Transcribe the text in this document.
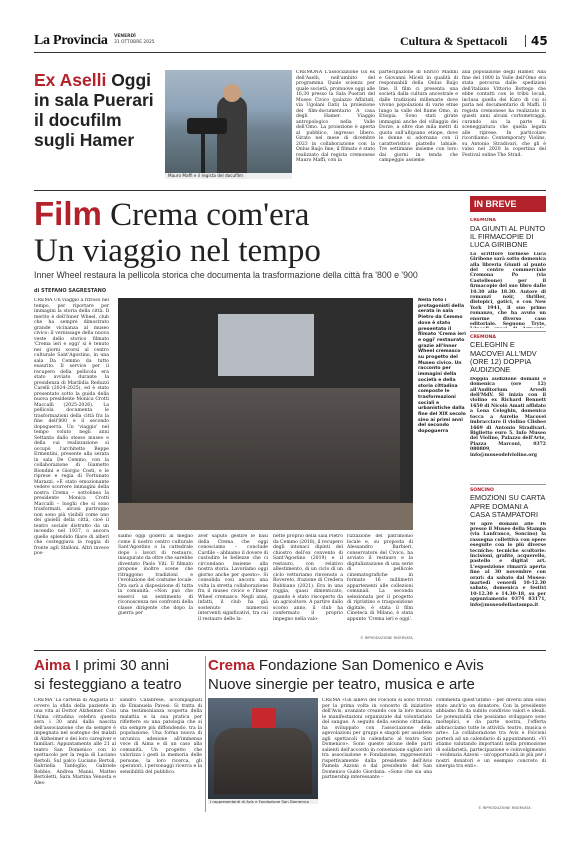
La Provincia VENERDÌ
31 OTTOBRE 2025	Cultura & Spettacoli 45
Ex Aselli Oggi
in sala Puerari
il docufilm
sugli Hamer
Mauro Maffi e il regista del docufilm
CREMONA L'associazione Gli ex dell'Aselli, nell'ambito del programma Quale scienza per quale società, promuove oggi alle 16,30 presso la Sala Puerari del Museo Civico (palazzo Affaitati, via Ugolani Dati) la proiezione del film-documentario A casa degli Hamer. Viaggio antropologico nella Valle dell'Omo. La proiezione è aperta al pubblico, ingresso libero. Girato nel mese di dicembre 2023 in collaborazione con la Onlus Baijo Ime, il filmato è stato realizzato dal regista cremonese Mauro Maffi, con la
partecipazione di Enrico Madini e Giovanni Miceli in qualità di responsabili della Onlus Baijo Ime. Il film ci presenta una società dalla cultura ancestrale e dalle tradizioni millenarie dove vivono popolazioni di varie etnie lungo la valle del fiume Omo, in Etiopia. Sono stati girate immagini anche del villaggio dei Dorze, a oltre due mila metri di quota sull'altipiano etiope, dove le donne si adornano con il caratteristico piattello labiale. Tre settimane insieme con loro: dai giorni in tenda che campeggio assieme
alla popolazione degli Hamer. Alla fine del 1800 la Valle dell'Omo era stata percorsa dalle spedizioni dell'italiano Vittorio Bottego che ebbe contatti con le tribù locali, inclusa quella dei Karo di cui si parla nel documentario di Maffi. Il regista cremonese ha realizzato in questi anni alcuni cortometraggi, curando sia la parte di sceneggiatura che quella legata alle riprese. In particolare ricordiamo: Contemporary Violins, su Antonio Stradivari, che gli è valso nel 2020 la copertina del Festival online The Strad.
Film Crema com'era
Un viaggio nel tempo
Inner Wheel restaura la pellicola storica che documenta la trasformazione della città fra '800 e '900
di STEFANO SAGRESTANO
CREMA Un viaggio a ritroso nel tempo, per riportare per immagini la storia della città. Il merito è dell'Inner Wheel, club che ha sempre dimostrato grande vicinanza al museo civico: il vernissage della nuova veste dello storico filmato 'Crema ieri e oggi' si è tenuto nei giorni scorsi al centro culturale Sant'Agostino, in una sala Da Cemmo da tutto esaurito. Il service per il recupero della pellicola era stato avviato durante la presidenza di Marilidia Reduzzi Carelli (2024-2025), ed è stato presentato sotto la guida della nuova presidente Monica Crotti Maccalli (2025-2026). La pellicola documenta le trasformazioni della città fra la fine dell'800 e il secondo dopoguerra. Un 'viaggio' nel tempo voluto negli anni Settanta dallo stesso museo e della cui realizzazione si occupò l'architetto Beppe Ermentini, presente alla serata in sala De Cemmo, con la collaborazione di Giametto Biondini e Giorgio Costi, e le riprese e regia di Fortunato Marazzi. «È stato emozionante vedere scorrere immagini della nostra Crema – sottolinea la presidente Monica Crotti Maccalli – luoghi che si sono trasformati, alcuni purtroppo non sono più visibili come uno dei gioielli della città, cioè il teatro sociale distrutto da un incendio nel 1937, o ancora quello splendido filare di alberi che costeggiava la roggia di fronte agli Stalloni. Altri invece pos-
siamo oggi goderli al meglio come il nostro centro culturale Sant'Agostino o la cattedrale dopo i lavori di restauro, inaugurato da oltre che sarebbe diventato Paolo Viti. Il filmato propone inoltre scene che ritraggono tradizioni e l'evoluzione del costume locale. Ora sarà a disposizione di tutta la comunità. «Non può che esserci un sentimento di riconoscenza nei confronti della classe dirigente che dopo la guerra per
aver saputo gestire le basi della Crema che oggi conosciamo – conclude Cardile – abbiamo il dovere di custodire le bellezze che ci circondano insieme alla nostra storia. Lavoriamo oggi giorno anche per questo». Si consolida così ancora una volta la stretta collaborazione fra il museo civico e l'Inner Wheel cremasco. Negli anni, infatti, il club ha già sostenuto numerosi interventi significativi, tra cui il restauro delle la-
nette proprio della sala Pietro da Cemmo (2018), il recupero degli intonaci dipinti del chiostro dell'ex convento di Sant'Agostino (2019) e il restauro, con relativo allestimento, di un ciclo di un ciclo vetturiamo rinvenuto a Rovereto, frazione di Credera Rubbiano (2021). Era in una roggia, quasi dimenticato, quando è stato riscoperto da un agricoltore. A partire dallo scorso anno, il club ha confermato il proprio impegno nella valo-
rizzazione del patrimonio locale e, su proposta di Alessandro Barbieri, conservatore del Civico, ha avviato il restauro e la digitalizzazione di una serie di pellicole cinematografiche in formato 16 millimetri appartenenti alle collezioni comunali. La seconda selezionata per il progetto di ripristino e trasposizione digitale, è stata il film Cineteca di Milano, è stata appunto 'Crema ieri e oggi'.
© RIPRODUZIONE RISERVATA
Nella foto i protagonisti della serata in sala Pietro da Cemmo dove è stato presentato il filmato 'Crema ieri e oggi' restaurato grazie all'Inner Wheel cremasco su progetto del Museo civico. Un racconto per immagini della società e della storia cittadina composte le trasformazioni sociali e urbanistiche dalla fine del XIX secolo sino ai primi anni del secondo dopoguerra
IN BREVE
CREMONA
DA GIUNTI AL PUNTO IL FIRMACOPIE DI LUCA GIRIBONE
Lo scrittore torinese Luca Giribone sarà sotto domenica alla libreria Giunti al punto del centro commerciale Cremona Po (via Castelleone) per il firmacopie del suo libro dalle 10.30 alle 18.30. Autore di romanzi noir, thriller, distopici, gotici, e con New York 1941, il suo primo romanzo, che ha avuto un enorme diverso caso editoriale. Seguono Tryte,
CREMONA
CELEGHIN E MACOVEI ALL'MDV (ORE 12) DOPPIA AUDIZIONE
Doppia audizione domani e domenica (ore 12) all'Auditorium Arvedi dell'MdV. Si inizia con il violino ex Richard Bennett 1650 di Nicolò Amati affidato a Lena Celeghin, domenica tocca a Aurelio Macovei imbracciare il violino Clisbee 1669 di Antonio Stradivari. Biglietto euro 5. Info Museo del Violino, Palazzo dell'Arte, Piazza Marconi, 0372 080809, info@museodelviolino.org
SONCINO
EMOZIONI SU CARTA APRE DOMANI A CASA STAMPATORI
Si apre domani alle 16 presso il Museo della Stampa (via Lanfranco, Soncino) la rassegna collettiva con opere eseguite con le più diverse tecniche: tecniche scultorie: incisioni, grafite, acquerello, pastello e digital art. L'esposizione rimarrà aperta fino al 30 novembre con orari: da sabato dal Museo: martedì venerdì 10-12.30 sabato, domenica e festivi 10-12.30 e 14.30-18, su per appuntamento 0374 83171, info@museodellastampa.it
Aima I primi 30 anni
si festeggiano a teatro
CREMA 'La cartella di Augusta D.' ovvero la sfida della paziente in una vita al Dottor Alzheimer. Così l'Aima cittadina celebra questa sera i 30 anni dalla nascita dell'associazione che da sempre è impegnata nel sostegno dei malati di Alzheimer e dei loro caregiver e familiari. Appuntamento alle 21 al teatro San Domenico con lo spettacolo per la regia di Luciano Bertoli. Sul palco Luciano Bertoli, Gabriella Tanfoglio, Gabriele Bobbio, Andrea Manni, Matteo Bertoletti, Sara Martina Venosta e Ales-
sandro Calabrese, accompagnati da Emanuela Pavesi. Si tratta di una testimonianza scoperta della malattia e la sua pratica per riflettere su una patologia che si sta sempre più diffondendo, tra la popolazione. Una forma nuova di un'unica adesione all'immensa voce di Aima e di un caso alla comunità. Un progetto che valorizza i gesti la memoria delle persone, la loro ricerca, gli operatori, i personaggi ricerca e la sensibilità del pubblico.
Crema Fondazione San Domenico e Avis
Nuove sinergie per teatro, musica e arte
I rappresentanti di Avis e Fondazione San Domenico
CREMA «Gli allievi del Folcioni si sono trovati per la prima volta in concerto di iniziative dell'Avis, avanzato creando con la loro musica le manifestazioni organizzate dal volontariato del sangue. A seguito della sezione cittadina, ha sviluppato con l'associazione delle agevolazioni per gruppi e singoli per assistere agli spettacoli in calendario al teatro San Domenico». Sono queste alcune delle parti salienti dell'accordo in convenzione siglato ieri tra associazione e Fondazione, rappresentati rispettivamente dalla presidente dell'Avis Pamela Azzoni e dal presidente del San Domenico Guido Giordana. «Sono che sia una partnership interessante –
commenta quest'ultimo – per diversi anni sono stato anch'io un donatore. Con la presidente abbiamo fin da subito condiviso valori e ideali. Le potenzialità che possiamo sviluppare sono molteplici, e da parte nostra, l'offerta abbracciamo tutte le attività: teatro, musica e arte». La collaborazione tra Avis e Folcioni porterà ad un calendario di appuntamenti. «Vi stiamo valutando importanti nella promozione di solidarietà, partecipazione e coinvolgimento – evidenzia Azzoni – un'opportunità in più per i nostri donatori e un esempio concreto di sinergia tra enti».
© RIPRODUZIONE RISERVATA
